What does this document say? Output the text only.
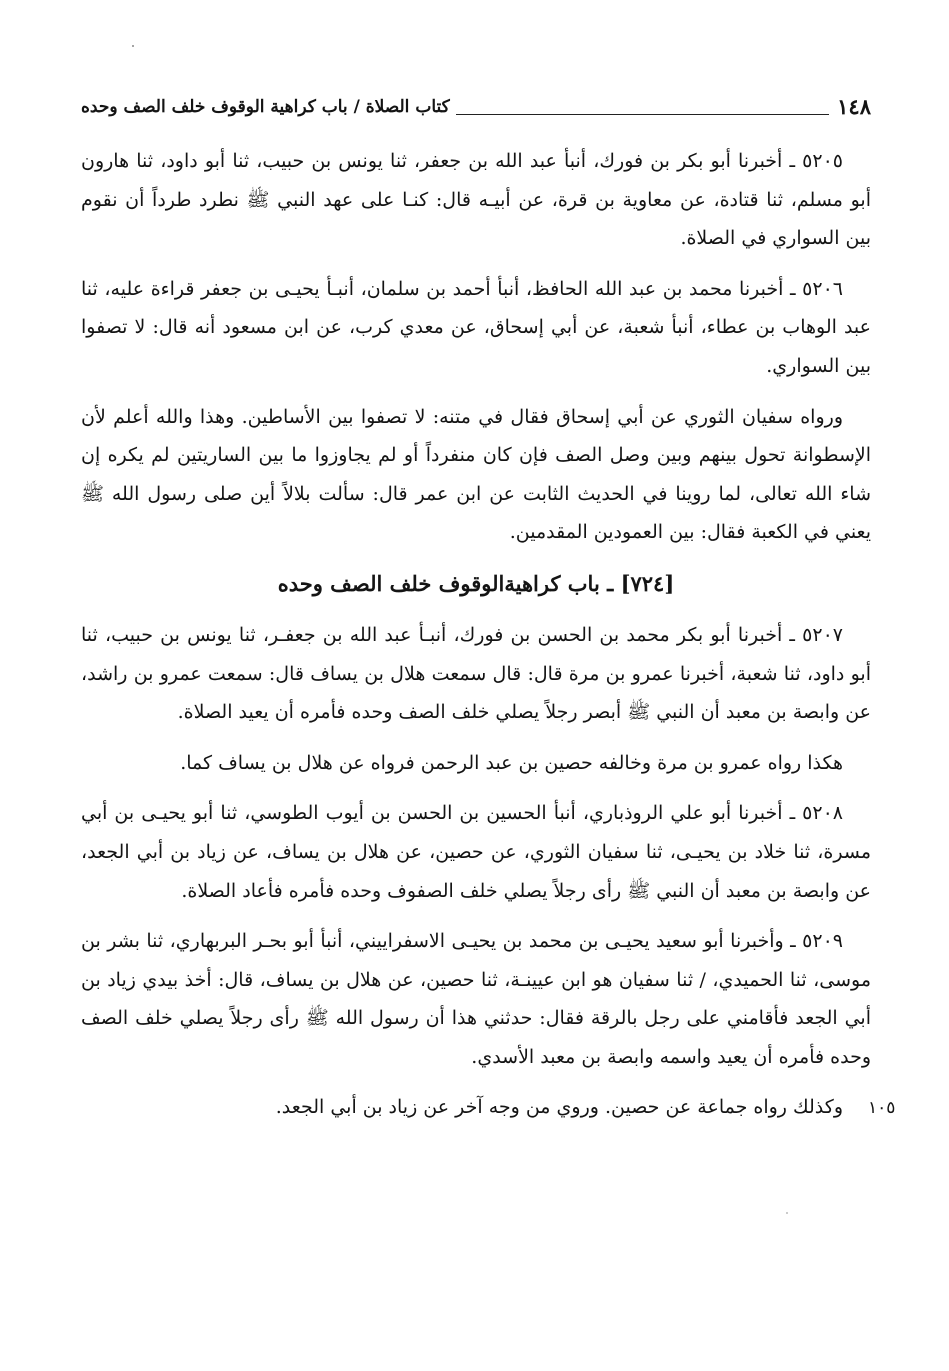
١٤٨
كتاب الصلاة / باب كراهية الوقوف خلف الصف وحده

٥٢٠٥ ـ أخبرنا أبو بكر بن فورك، أنبأ عبد الله بن جعفر، ثنا يونس بن حبيب، ثنا أبو داود، ثنا هارون أبو مسلم، ثنا قتادة، عن معاوية بن قرة، عن أبيـه قال: كنـا على عهد النبي ﷺ نطرد طرداً أن نقوم بين السواري في الصلاة.

٥٢٠٦ ـ أخبرنا محمد بن عبد الله الحافظ، أنبأ أحمد بن سلمان، أنبـأ يحيـى بن جعفر قراءة عليه، ثنا عبد الوهاب بن عطاء، أنبأ شعبة، عن أبي إسحاق، عن معدي كرب، عن ابن مسعود أنه قال: لا تصفوا بين السواري.

ورواه سفيان الثوري عن أبي إسحاق فقال في متنه: لا تصفوا بين الأساطين. وهذا والله أعلم لأن الإسطوانة تحول بينهم وبين وصل الصف فإن كان منفرداً أو لم يجاوزوا ما بين الساريتين لم يكره إن شاء الله تعالى، لما روينا في الحديث الثابت عن ابن عمر قال: سألت بلالاً أين صلى رسول الله ﷺ يعني في الكعبة فقال: بين العمودين المقدمين.

[٧٢٤] ـ باب كراهيةالوقوف خلف الصف وحده

٥٢٠٧ ـ أخبرنا أبو بكر محمد بن الحسن بن فورك، أنبـأ عبد الله بن جعفـر، ثنا يونس بن حبيب، ثنا أبو داود، ثنا شعبة، أخبرنا عمرو بن مرة قال: قال سمعت هلال بن يساف قال: سمعت عمرو بن راشد، عن وابصة بن معبد أن النبي ﷺ أبصر رجلاً يصلي خلف الصف وحده فأمره أن يعيد الصلاة.

هكذا رواه عمرو بن مرة وخالفه حصين بن عبد الرحمن فرواه عن هلال بن يساف كما.

٥٢٠٨ ـ أخبرنا أبو علي الروذباري، أنبأ الحسين بن الحسن بن أيوب الطوسي، ثنا أبو يحيـى بن أبي مسرة، ثنا خلاد بن يحيـى، ثنا سفيان الثوري، عن حصين، عن هلال بن يساف، عن زياد بن أبي الجعد، عن وابصة بن معبد أن النبي ﷺ رأى رجلاً يصلي خلف الصفوف وحده فأمره فأعاد الصلاة.

٥٢٠٩ ـ وأخبرنا أبو سعيد يحيـى بن محمد بن يحيـى الاسفراييني، أنبأ أبو بحـر البربهاري، ثنا بشر بن موسى، ثنا الحميدي، / ثنا سفيان هو ابن عيينـة، ثنا حصين، عن هلال بن يساف، قال: أخذ بيدي زياد بن أبي الجعد فأقامني على رجل بالرقة فقال: حدثني هذا أن رسول الله ﷺ رأى رجلاً يصلي خلف الصف وحده فأمره أن يعيد واسمه وابصة بن معبد الأسدي.

وكذلك رواه جماعة عن حصين. وروي من وجه آخر عن زياد بن أبي الجعد.	١٠٥
